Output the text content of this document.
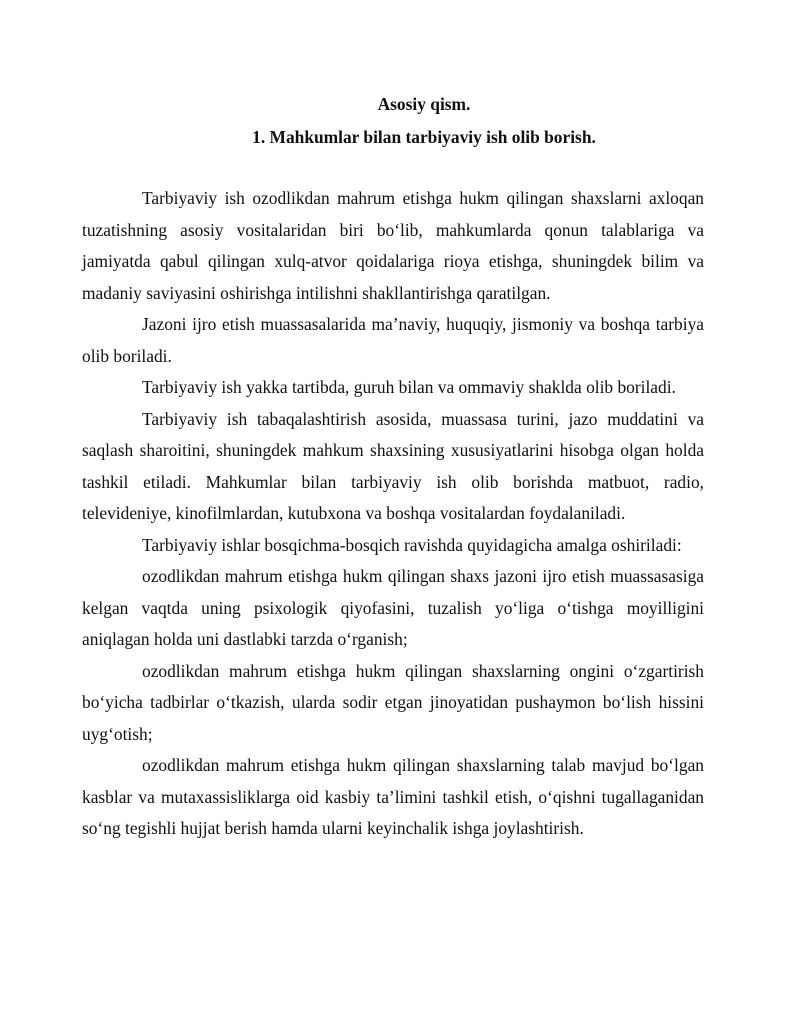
Asosiy qism.
1. Mahkumlar bilan tarbiyaviy ish olib borish.

Tarbiyaviy ish ozodlikdan mahrum etishga hukm qilingan shaxslarni axloqan tuzatishning asosiy vositalaridan biri bo‘lib, mahkumlarda qonun talablariga va jamiyatda qabul qilingan xulq-atvor qoidalariga rioya etishga, shuningdek bilim va madaniy saviyasini oshirishga intilishni shakllantirishga qaratilgan.

Jazoni ijro etish muassasalarida ma’naviy, huquqiy, jismoniy va boshqa tarbiya olib boriladi.

Tarbiyaviy ish yakka tartibda, guruh bilan va ommaviy shaklda olib boriladi.

Tarbiyaviy ish tabaqalashtirish asosida, muassasa turini, jazo muddatini va saqlash sharoitini, shuningdek mahkum shaxsining xususiyatlarini hisobga olgan holda tashkil etiladi. Mahkumlar bilan tarbiyaviy ish olib borishda matbuot, radio, televideniye, kinofilmlardan, kutubxona va boshqa vositalardan foydalaniladi.

Tarbiyaviy ishlar bosqichma-bosqich ravishda quyidagicha amalga oshiriladi:

ozodlikdan mahrum etishga hukm qilingan shaxs jazoni ijro etish muassasasiga kelgan vaqtda uning psixologik qiyofasini, tuzalish yo‘liga o‘tishga moyilligini aniqlagan holda uni dastlabki tarzda o‘rganish;

ozodlikdan mahrum etishga hukm qilingan shaxslarning ongini o‘zgartirish bo‘yicha tadbirlar o‘tkazish, ularda sodir etgan jinoyatidan pushaymon bo‘lish hissini uyg‘otish;

ozodlikdan mahrum etishga hukm qilingan shaxslarning talab mavjud bo‘lgan kasblar va mutaxassisliklarga oid kasbiy ta’limini tashkil etish, o‘qishni tugallaganidan so‘ng tegishli hujjat berish hamda ularni keyinchalik ishga joylashtirish.
